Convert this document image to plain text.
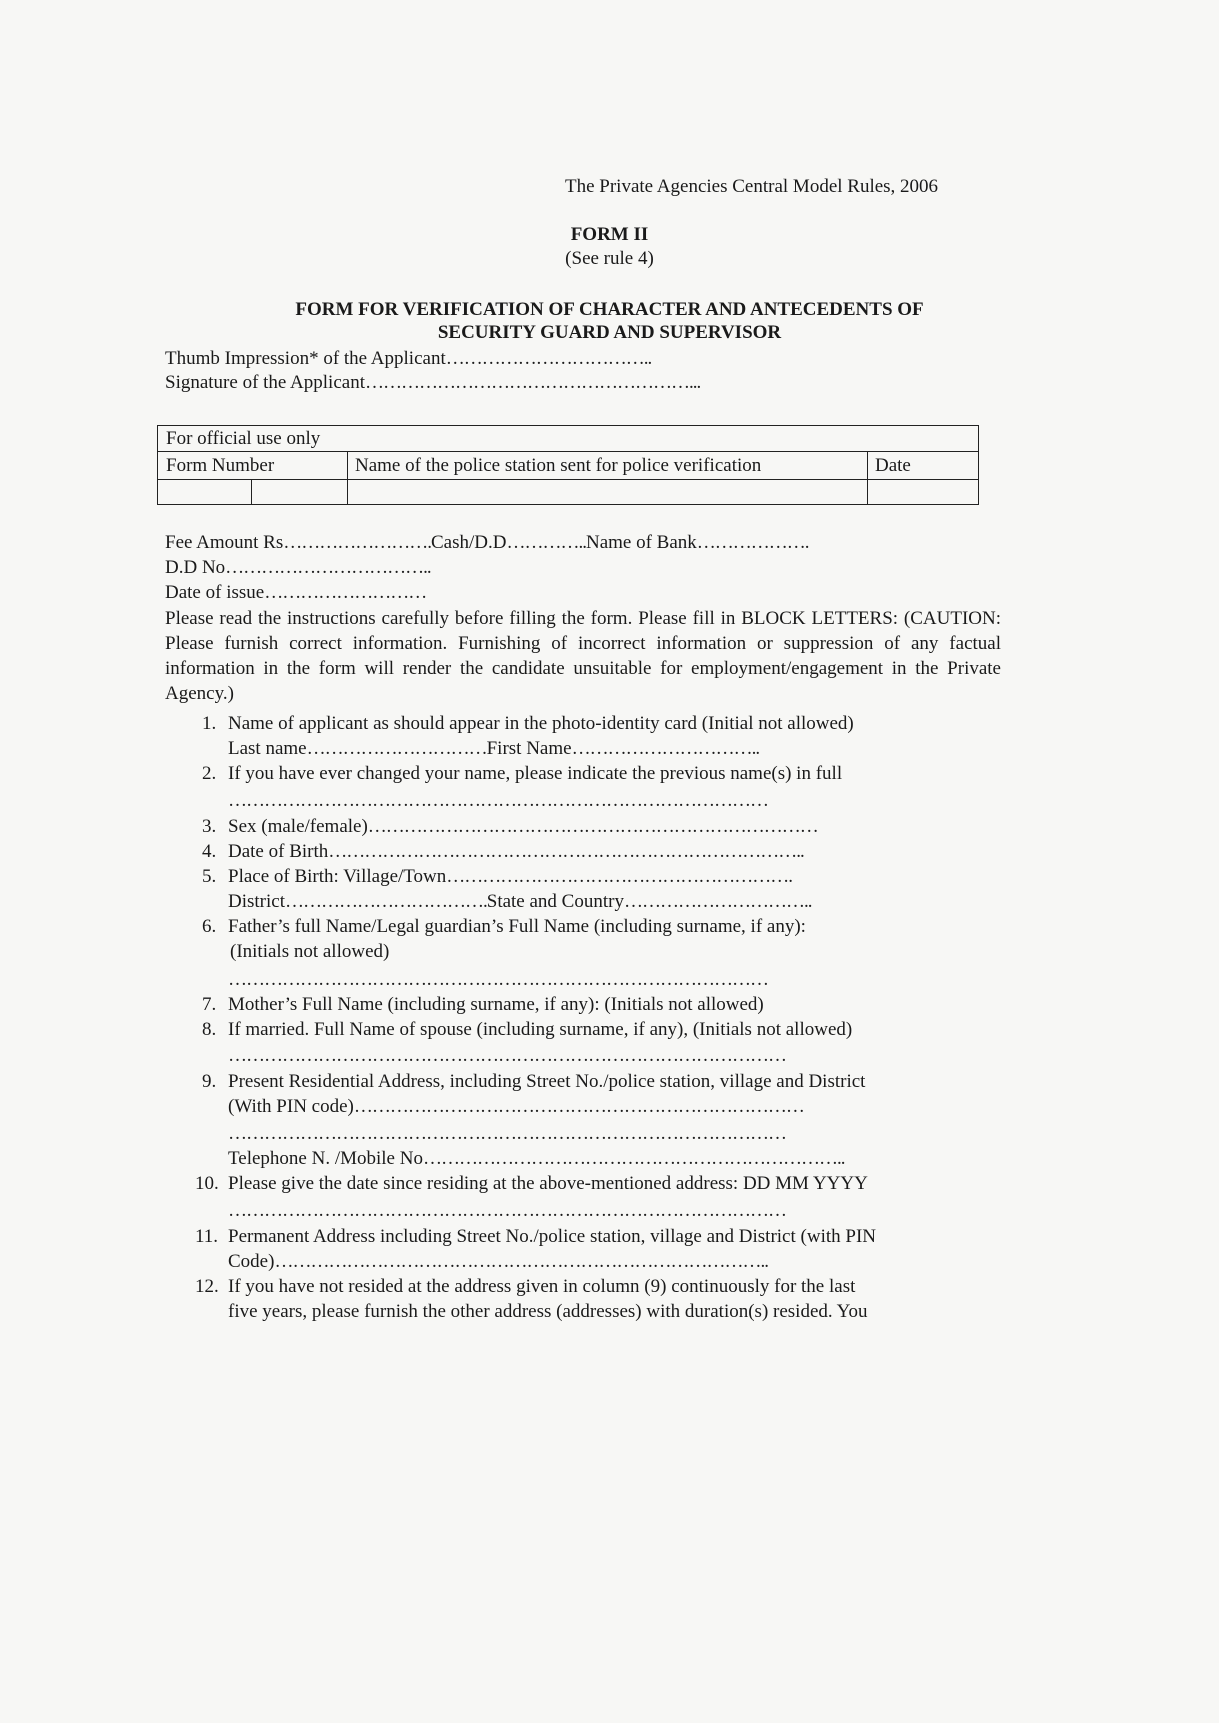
The Private Agencies Central Model Rules, 2006
FORM II
(See rule 4)
FORM FOR VERIFICATION OF CHARACTER AND ANTECEDENTS OF
SECURITY GUARD AND SUPERVISOR
Thumb Impression* of the Applicant……………………………..
Signature of the Applicant………………………………………………...
For official use only
Form Number	Name of the police station sent for police verification	Date
Fee Amount Rs…………………….Cash/D.D…………..Name of Bank……………….
D.D No……………………………..
Date of issue………………………
Please read the instructions carefully before filling the form. Please fill in BLOCK LETTERS: (CAUTION: Please furnish correct information. Furnishing of incorrect information or suppression of any factual information in the form will render the candidate unsuitable for employment/engagement in the Private Agency.)
1. Name of applicant as should appear in the photo-identity card (Initial not allowed)
Last name…………………………First Name…………………………..
2. If you have ever changed your name, please indicate the previous name(s) in full
………………………………………………………………………………
3. Sex (male/female)…………………………………………………………………
4. Date of Birth……………………………………………………………………..
5. Place of Birth: Village/Town………………………………………………….
District…………………………….State and Country…………………………..
6. Father’s full Name/Legal guardian’s Full Name (including surname, if any):
(Initials not allowed)
………………………………………………………………………………
7. Mother’s Full Name (including surname, if any): (Initials not allowed)
8. If married. Full Name of spouse (including surname, if any), (Initials not allowed)
…………………………………………………………………………………
9. Present Residential Address, including Street No./police station, village and District
(With PIN code)…………………………………………………………………
…………………………………………………………………………………
Telephone N. /Mobile No……………………………………………………………..
10. Please give the date since residing at the above-mentioned address: DD MM YYYY
…………………………………………………………………………………
11. Permanent Address including Street No./police station, village and District (with PIN
Code)………………………………………………………………………..
12. If you have not resided at the address given in column (9) continuously for the last
five years, please furnish the other address (addresses) with duration(s) resided. You
